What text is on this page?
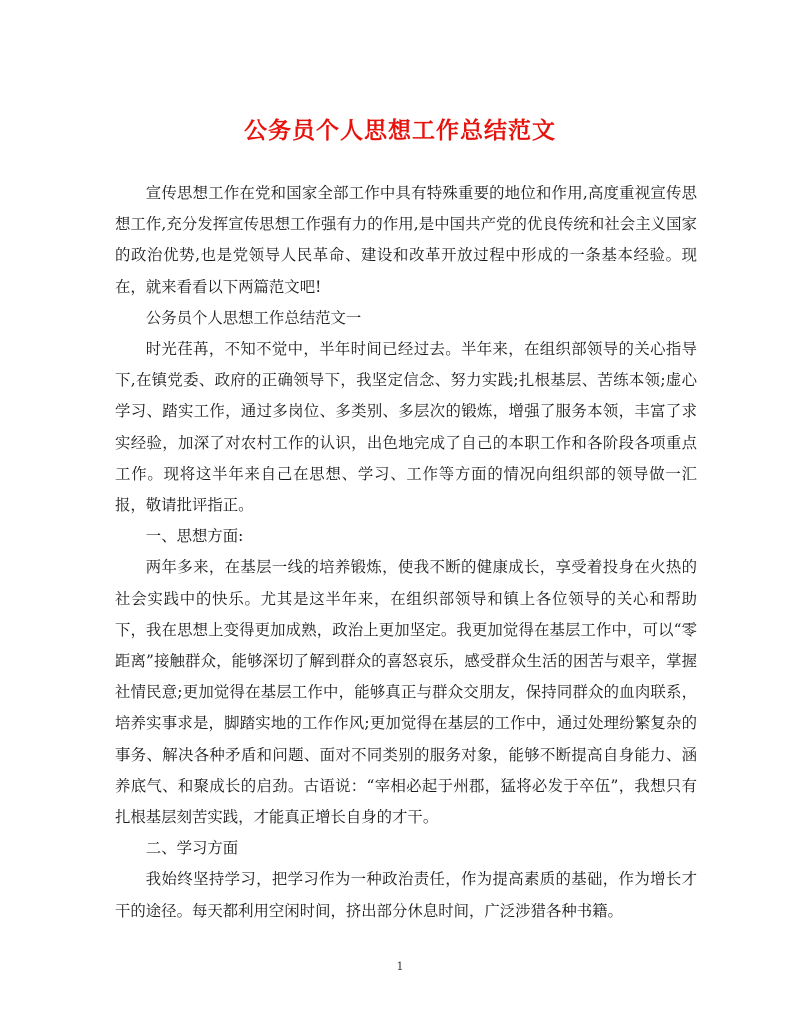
公务员个人思想工作总结范文

宣传思想工作在党和国家全部工作中具有特殊重要的地位和作用,高度重视宣传思想工作,充分发挥宣传思想工作强有力的作用,是中国共产党的优良传统和社会主义国家的政治优势,也是党领导人民革命、建设和改革开放过程中形成的一条基本经验。现在，就来看看以下两篇范文吧!

公务员个人思想工作总结范文一

时光荏苒，不知不觉中，半年时间已经过去。半年来，在组织部领导的关心指导下,在镇党委、政府的正确领导下，我坚定信念、努力实践;扎根基层、苦练本领;虚心学习、踏实工作，通过多岗位、多类别、多层次的锻炼，增强了服务本领，丰富了求实经验，加深了对农村工作的认识，出色地完成了自己的本职工作和各阶段各项重点工作。现将这半年来自己在思想、学习、工作等方面的情况向组织部的领导做一汇报，敬请批评指正。

一、思想方面:

两年多来，在基层一线的培养锻炼，使我不断的健康成长，享受着投身在火热的社会实践中的快乐。尤其是这半年来，在组织部领导和镇上各位领导的关心和帮助下，我在思想上变得更加成熟，政治上更加坚定。我更加觉得在基层工作中，可以“零距离”接触群众，能够深切了解到群众的喜怒哀乐，感受群众生活的困苦与艰辛，掌握社情民意;更加觉得在基层工作中，能够真正与群众交朋友，保持同群众的血肉联系，培养实事求是，脚踏实地的工作作风;更加觉得在基层的工作中，通过处理纷繁复杂的事务、解决各种矛盾和问题、面对不同类别的服务对象，能够不断提高自身能力、涵养底气、和聚成长的启劲。古语说：“宰相必起于州郡，猛将必发于卒伍”，我想只有扎根基层刻苦实践，才能真正增长自身的才干。

二、学习方面

我始终坚持学习，把学习作为一种政治责任，作为提高素质的基础，作为增长才干的途径。每天都利用空闲时间，挤出部分休息时间，广泛涉猎各种书籍。

1
